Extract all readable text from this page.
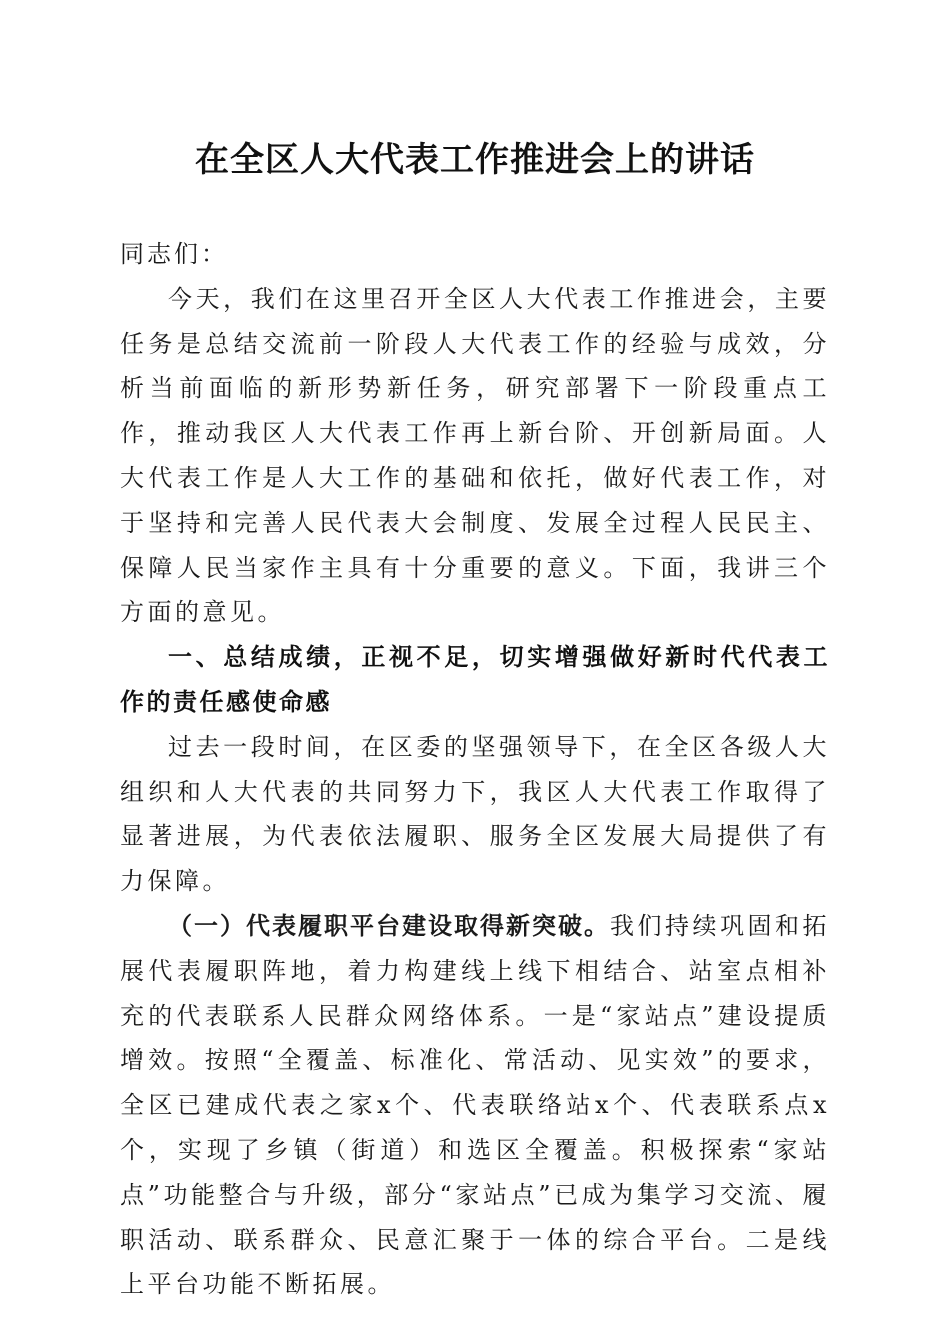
在全区人大代表工作推进会上的讲话

同志们：

今天，我们在这里召开全区人大代表工作推进会，主要任务是总结交流前一阶段人大代表工作的经验与成效，分析当前面临的新形势新任务，研究部署下一阶段重点工作，推动我区人大代表工作再上新台阶、开创新局面。人大代表工作是人大工作的基础和依托，做好代表工作，对于坚持和完善人民代表大会制度、发展全过程人民民主、保障人民当家作主具有十分重要的意义。下面，我讲三个方面的意见。

一、总结成绩，正视不足，切实增强做好新时代代表工作的责任感使命感

过去一段时间，在区委的坚强领导下，在全区各级人大组织和人大代表的共同努力下，我区人大代表工作取得了显著进展，为代表依法履职、服务全区发展大局提供了有力保障。

（一）代表履职平台建设取得新突破。我们持续巩固和拓展代表履职阵地，着力构建线上线下相结合、站室点相补充的代表联系人民群众网络体系。一是“家站点”建设提质增效。按照“全覆盖、标准化、常活动、见实效”的要求，全区已建成代表之家x个、代表联络站x个、代表联系点x个，实现了乡镇（街道）和选区全覆盖。积极探索“家站点”功能整合与升级，部分“家站点”已成为集学习交流、履职活动、联系群众、民意汇聚于一体的综合平台。二是线上平台功能不断拓展。
